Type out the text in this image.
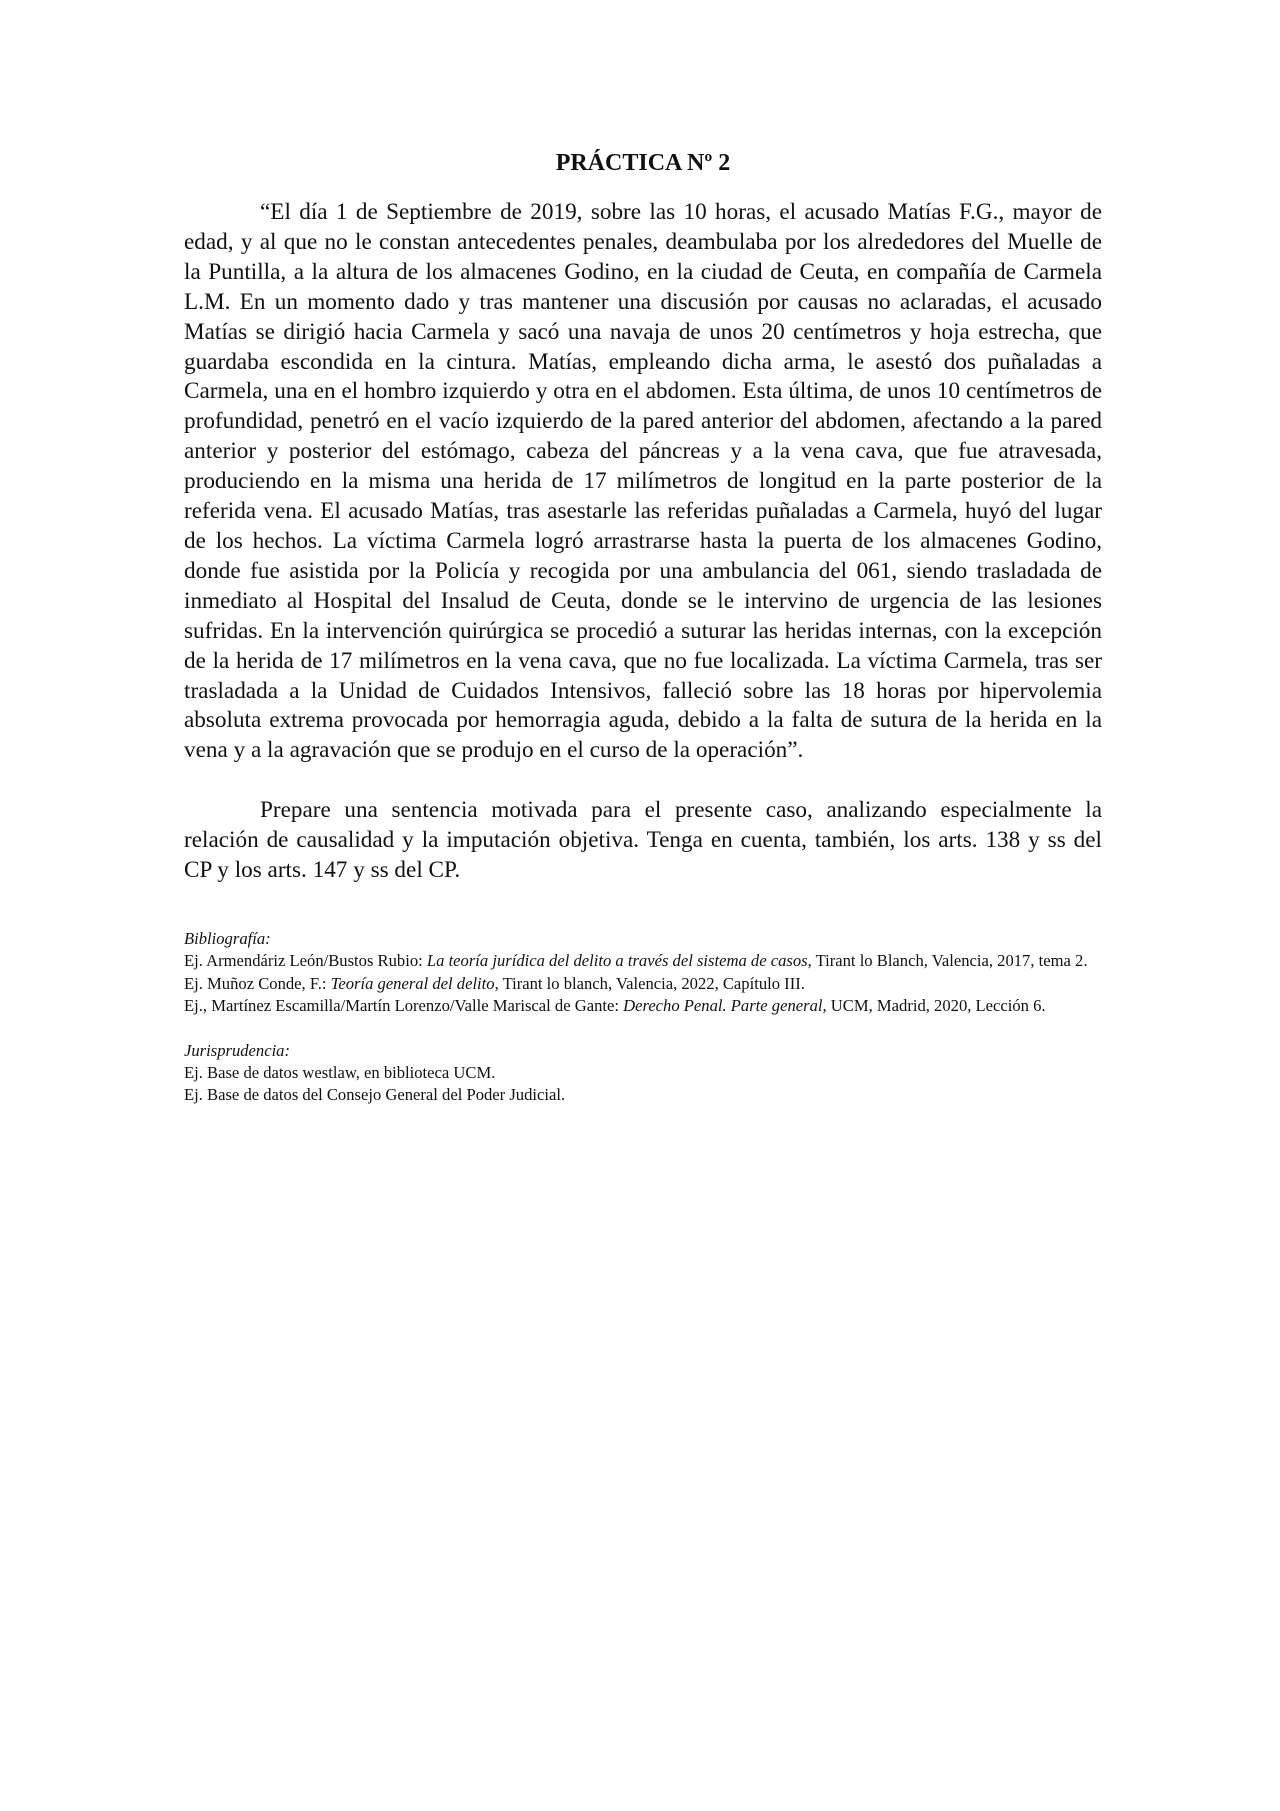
PRÁCTICA Nº 2

“El día 1 de Septiembre de 2019, sobre las 10 horas, el acusado Matías F.G., mayor de edad, y al que no le constan antecedentes penales, deambulaba por los alrededores del Muelle de la Puntilla, a la altura de los almacenes Godino, en la ciudad de Ceuta, en compañía de Carmela L.M. En un momento dado y tras mantener una discusión por causas no aclaradas, el acusado Matías se dirigió hacia Carmela y sacó una navaja de unos 20 centímetros y hoja estrecha, que guardaba escondida en la cintura. Matías, empleando dicha arma, le asestó dos puñaladas a Carmela, una en el hombro izquierdo y otra en el abdomen. Esta última, de unos 10 centímetros de profundidad, penetró en el vacío izquierdo de la pared anterior del abdomen, afectando a la pared anterior y posterior del estómago, cabeza del páncreas y a la vena cava, que fue atravesada, produciendo en la misma una herida de 17 milímetros de longitud en la parte posterior de la referida vena. El acusado Matías, tras asestarle las referidas puñaladas a Carmela, huyó del lugar de los hechos. La víctima Carmela logró arrastrarse hasta la puerta de los almacenes Godino, donde fue asistida por la Policía y recogida por una ambulancia del 061, siendo trasladada de inmediato al Hospital del Insalud de Ceuta, donde se le intervino de urgencia de las lesiones sufridas. En la intervención quirúrgica se procedió a suturar las heridas internas, con la excepción de la herida de 17 milímetros en la vena cava, que no fue localizada. La víctima Carmela, tras ser trasladada a la Unidad de Cuidados Intensivos, falleció sobre las 18 horas por hipervolemia absoluta extrema provocada por hemorragia aguda, debido a la falta de sutura de la herida en la vena y a la agravación que se produjo en el curso de la operación”.

Prepare una sentencia motivada para el presente caso, analizando especialmente la relación de causalidad y la imputación objetiva. Tenga en cuenta, también, los arts. 138 y ss del CP y los arts. 147 y ss del CP.

Bibliografía:

Ej. Armendáriz León/Bustos Rubio: La teoría jurídica del delito a través del sistema de casos, Tirant lo Blanch, Valencia, 2017, tema 2.

Ej. Muñoz Conde, F.: Teoría general del delito, Tirant lo blanch, Valencia, 2022, Capítulo III.

Ej., Martínez Escamilla/Martín Lorenzo/Valle Mariscal de Gante: Derecho Penal. Parte general, UCM, Madrid, 2020, Lección 6.

Jurisprudencia:

Ej. Base de datos westlaw, en biblioteca UCM.

Ej. Base de datos del Consejo General del Poder Judicial.
